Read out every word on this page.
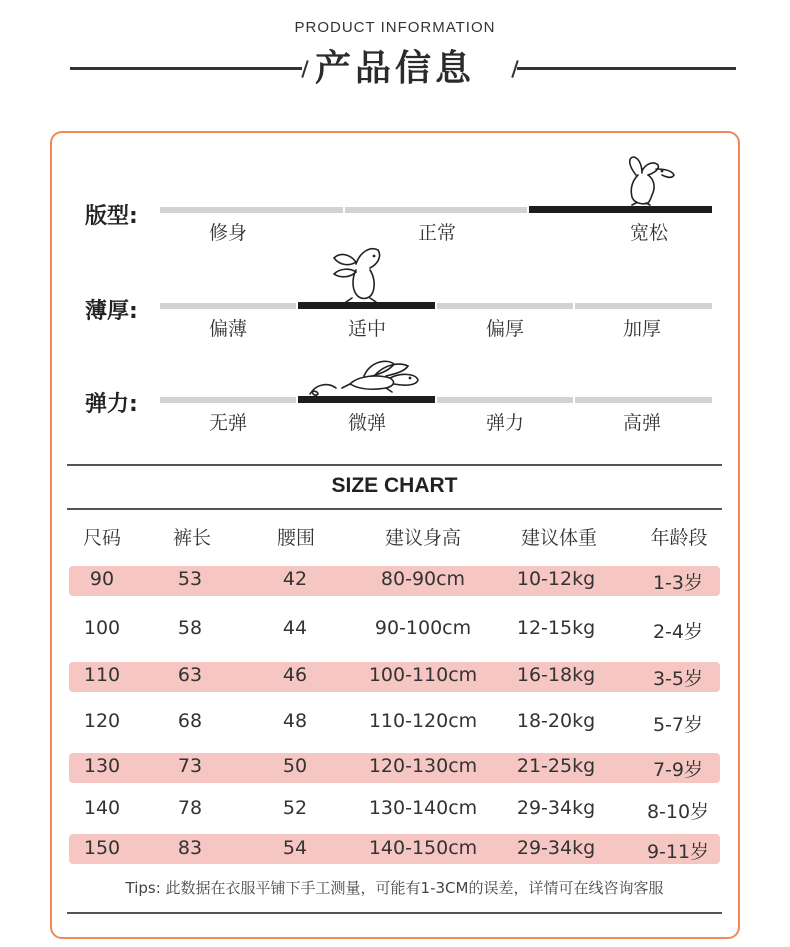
PRODUCT INFORMATION
产品信息
版型:
修身	正常	宽松
薄厚:
偏薄	适中	偏厚	加厚
弹力:
无弹	微弹	弹力	高弹
SIZE CHART
尺码	裤长	腰围	建议身高	建议体重	年龄段
90	53	42	80-90cm	10-12kg	1-3岁
100	58	44	90-100cm	12-15kg	2-4岁
110	63	46	100-110cm	16-18kg	3-5岁
120	68	48	110-120cm	18-20kg	5-7岁
130	73	50	120-130cm	21-25kg	7-9岁
140	78	52	130-140cm	29-34kg	8-10岁
150	83	54	140-150cm	29-34kg	9-11岁
Tips: 此数据在衣服平铺下手工测量，可能有1-3CM的误差，详情可在线咨询客服
